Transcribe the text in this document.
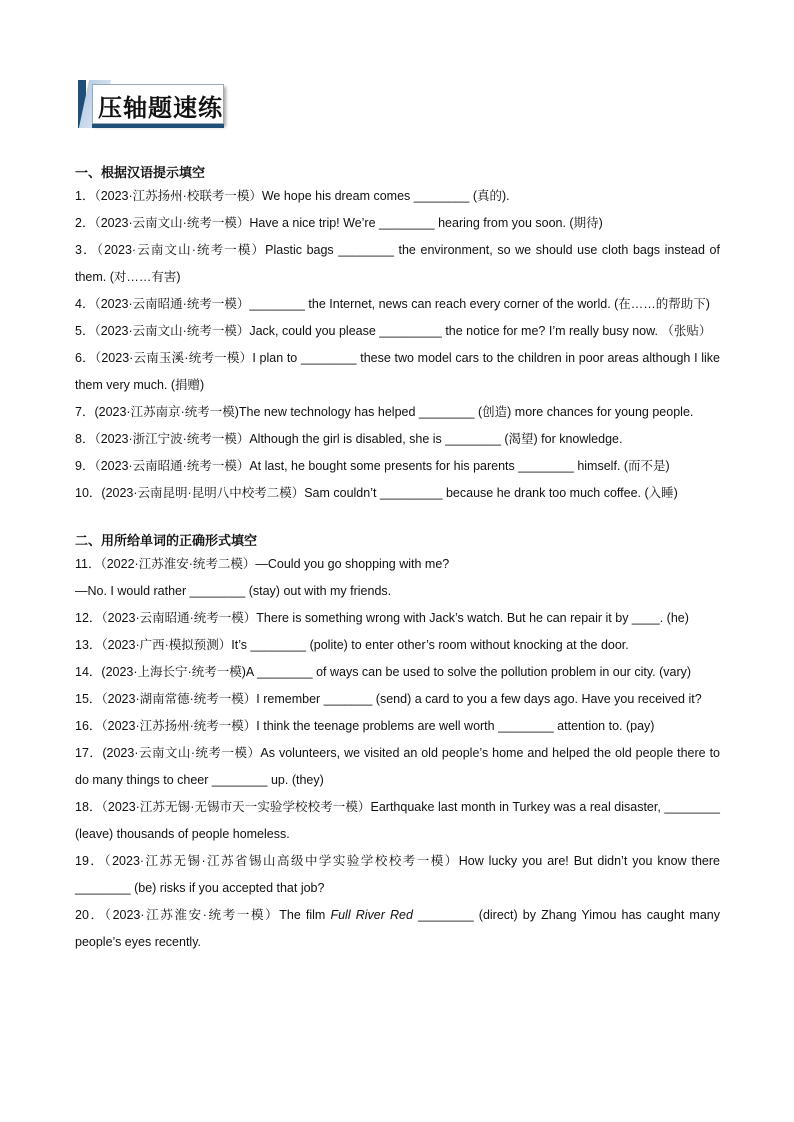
压轴题速练

一、根据汉语提示填空

1．（2023·江苏扬州·校联考一模）We hope his dream comes ________ (真的).

2．（2023·云南文山·统考一模）Have a nice trip! We’re ________ hearing from you soon. (期待)

3．（2023·云南文山·统考一模）Plastic bags ________ the environment, so we should use cloth bags instead of them. (对……有害)

4．（2023·云南昭通·统考一模）________ the Internet, news can reach every corner of the world. (在……的帮助下)

5．（2023·云南文山·统考一模）Jack, could you please _________ the notice for me? I’m really busy now. （张贴）

6．（2023·云南玉溪·统考一模）I plan to ________ these two model cars to the children in poor areas although I like them very much. (捐赠)

7．(2023·江苏南京·统考一模)The new technology has helped ________ (创造) more chances for young people.

8．（2023·浙江宁波·统考一模）Although the girl is disabled, she is ________ (渴望) for knowledge.

9．（2023·云南昭通·统考一模）At last, he bought some presents for his parents ________ himself. (而不是)

10．(2023·云南昆明·昆明八中校考二模）Sam couldn’t _________ because he drank too much coffee. (入睡)

二、用所给单词的正确形式填空

11．（2022·江苏淮安·统考二模）—Could you go shopping with me?

—No. I would rather ________ (stay) out with my friends.

12．（2023·云南昭通·统考一模）There is something wrong with Jack’s watch. But he can repair it by ____. (he)

13．（2023·广西·模拟预测）It’s ________ (polite) to enter other’s room without knocking at the door.

14．(2023·上海长宁·统考一模)A ________ of ways can be used to solve the pollution problem in our city. (vary)

15．（2023·湖南常德·统考一模）I remember _______ (send) a card to you a few days ago. Have you received it?

16．（2023·江苏扬州·统考一模）I think the teenage problems are well worth ________ attention to. (pay)

17．(2023·云南文山·统考一模）As volunteers, we visited an old people’s home and helped the old people there to do many things to cheer ________ up. (they)

18．（2023·江苏无锡·无锡市天一实验学校校考一模）Earthquake last month in Turkey was a real disaster, ________ (leave) thousands of people homeless.

19．（2023·江苏无锡·江苏省锡山高级中学实验学校校考一模）How lucky you are! But didn’t you know there ________ (be) risks if you accepted that job?

20．（2023·江苏淮安·统考一模）The film Full River Red ________ (direct) by Zhang Yimou has caught many people’s eyes recently.
